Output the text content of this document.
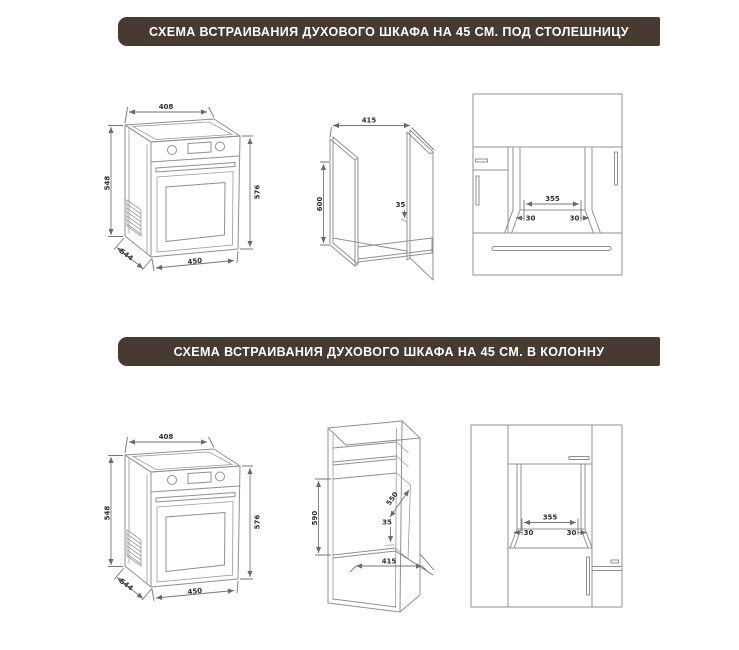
СХЕМА ВСТРАИВАНИЯ ДУХОВОГО ШКАФА НА 45 СМ. ПОД СТОЛЕШНИЦУ
408
548
576
544	450
415
600	35
355
30	30
СХЕМА ВСТРАИВАНИЯ ДУХОВОГО ШКАФА НА 45 СМ. В КОЛОННУ
408
548
576
544	450
590
550
35
415
355
30	30
